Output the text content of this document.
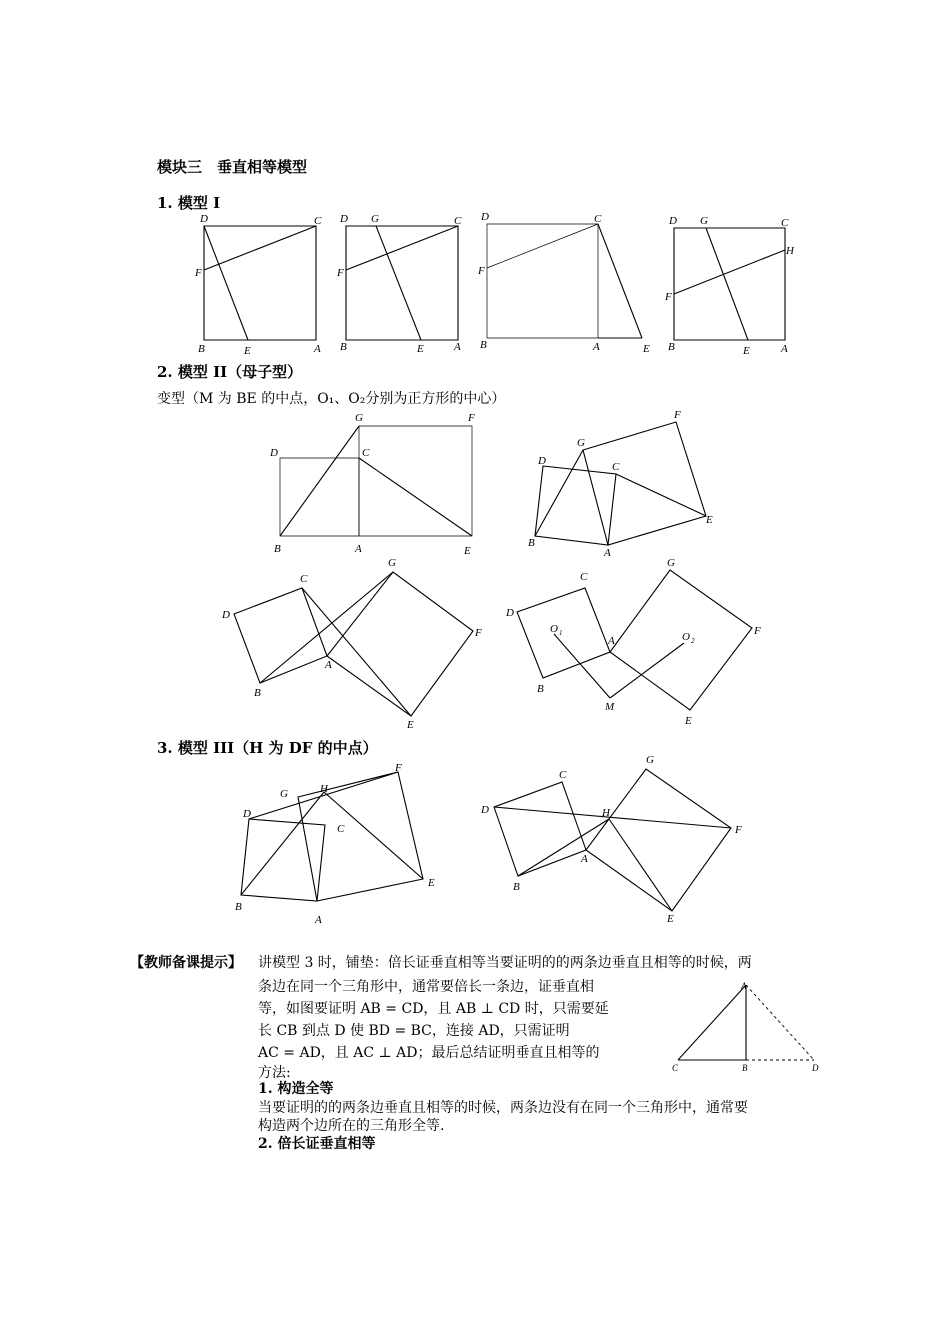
模块三　垂直相等模型
1. 模型 I
D	C
F
B	E	A
D G	C
F
B	E	A
D	C
F
B	A	E
D G	C
H
F
B	E	A
2. 模型 II（母子型）
变型（M 为 BE 的中点，O₁、O₂分别为正方形的中心）
G	F
D	C
B	A	E
G
F
D	C
B
A
E
C
G
D
F
A
B
E
C
G
D
F
O 1
A	O 2
B
M
E
3. 模型 III（H 为 DF 的中点）
F
G	H
D
C
E
B
A
C
G
D	H
F
A
B
E
【教师备课提示】 讲模型 3 时，铺垫：倍长证垂直相等当要证明的的两条边垂直且相等的时候，两
条边在同一个三角形中，通常要倍长一条边，证垂直相
等，如图要证明 AB = CD，且 AB ⊥ CD 时，只需要延
长 CB 到点 D 使 BD = BC，连接 AD，只需证明
AC = AD，且 AC ⊥ AD；最后总结证明垂直且相等的
方法:
A
C	B	D
1. 构造全等
当要证明的的两条边垂直且相等的时候，两条边没有在同一个三角形中，通常要
构造两个边所在的三角形全等.
2. 倍长证垂直相等
